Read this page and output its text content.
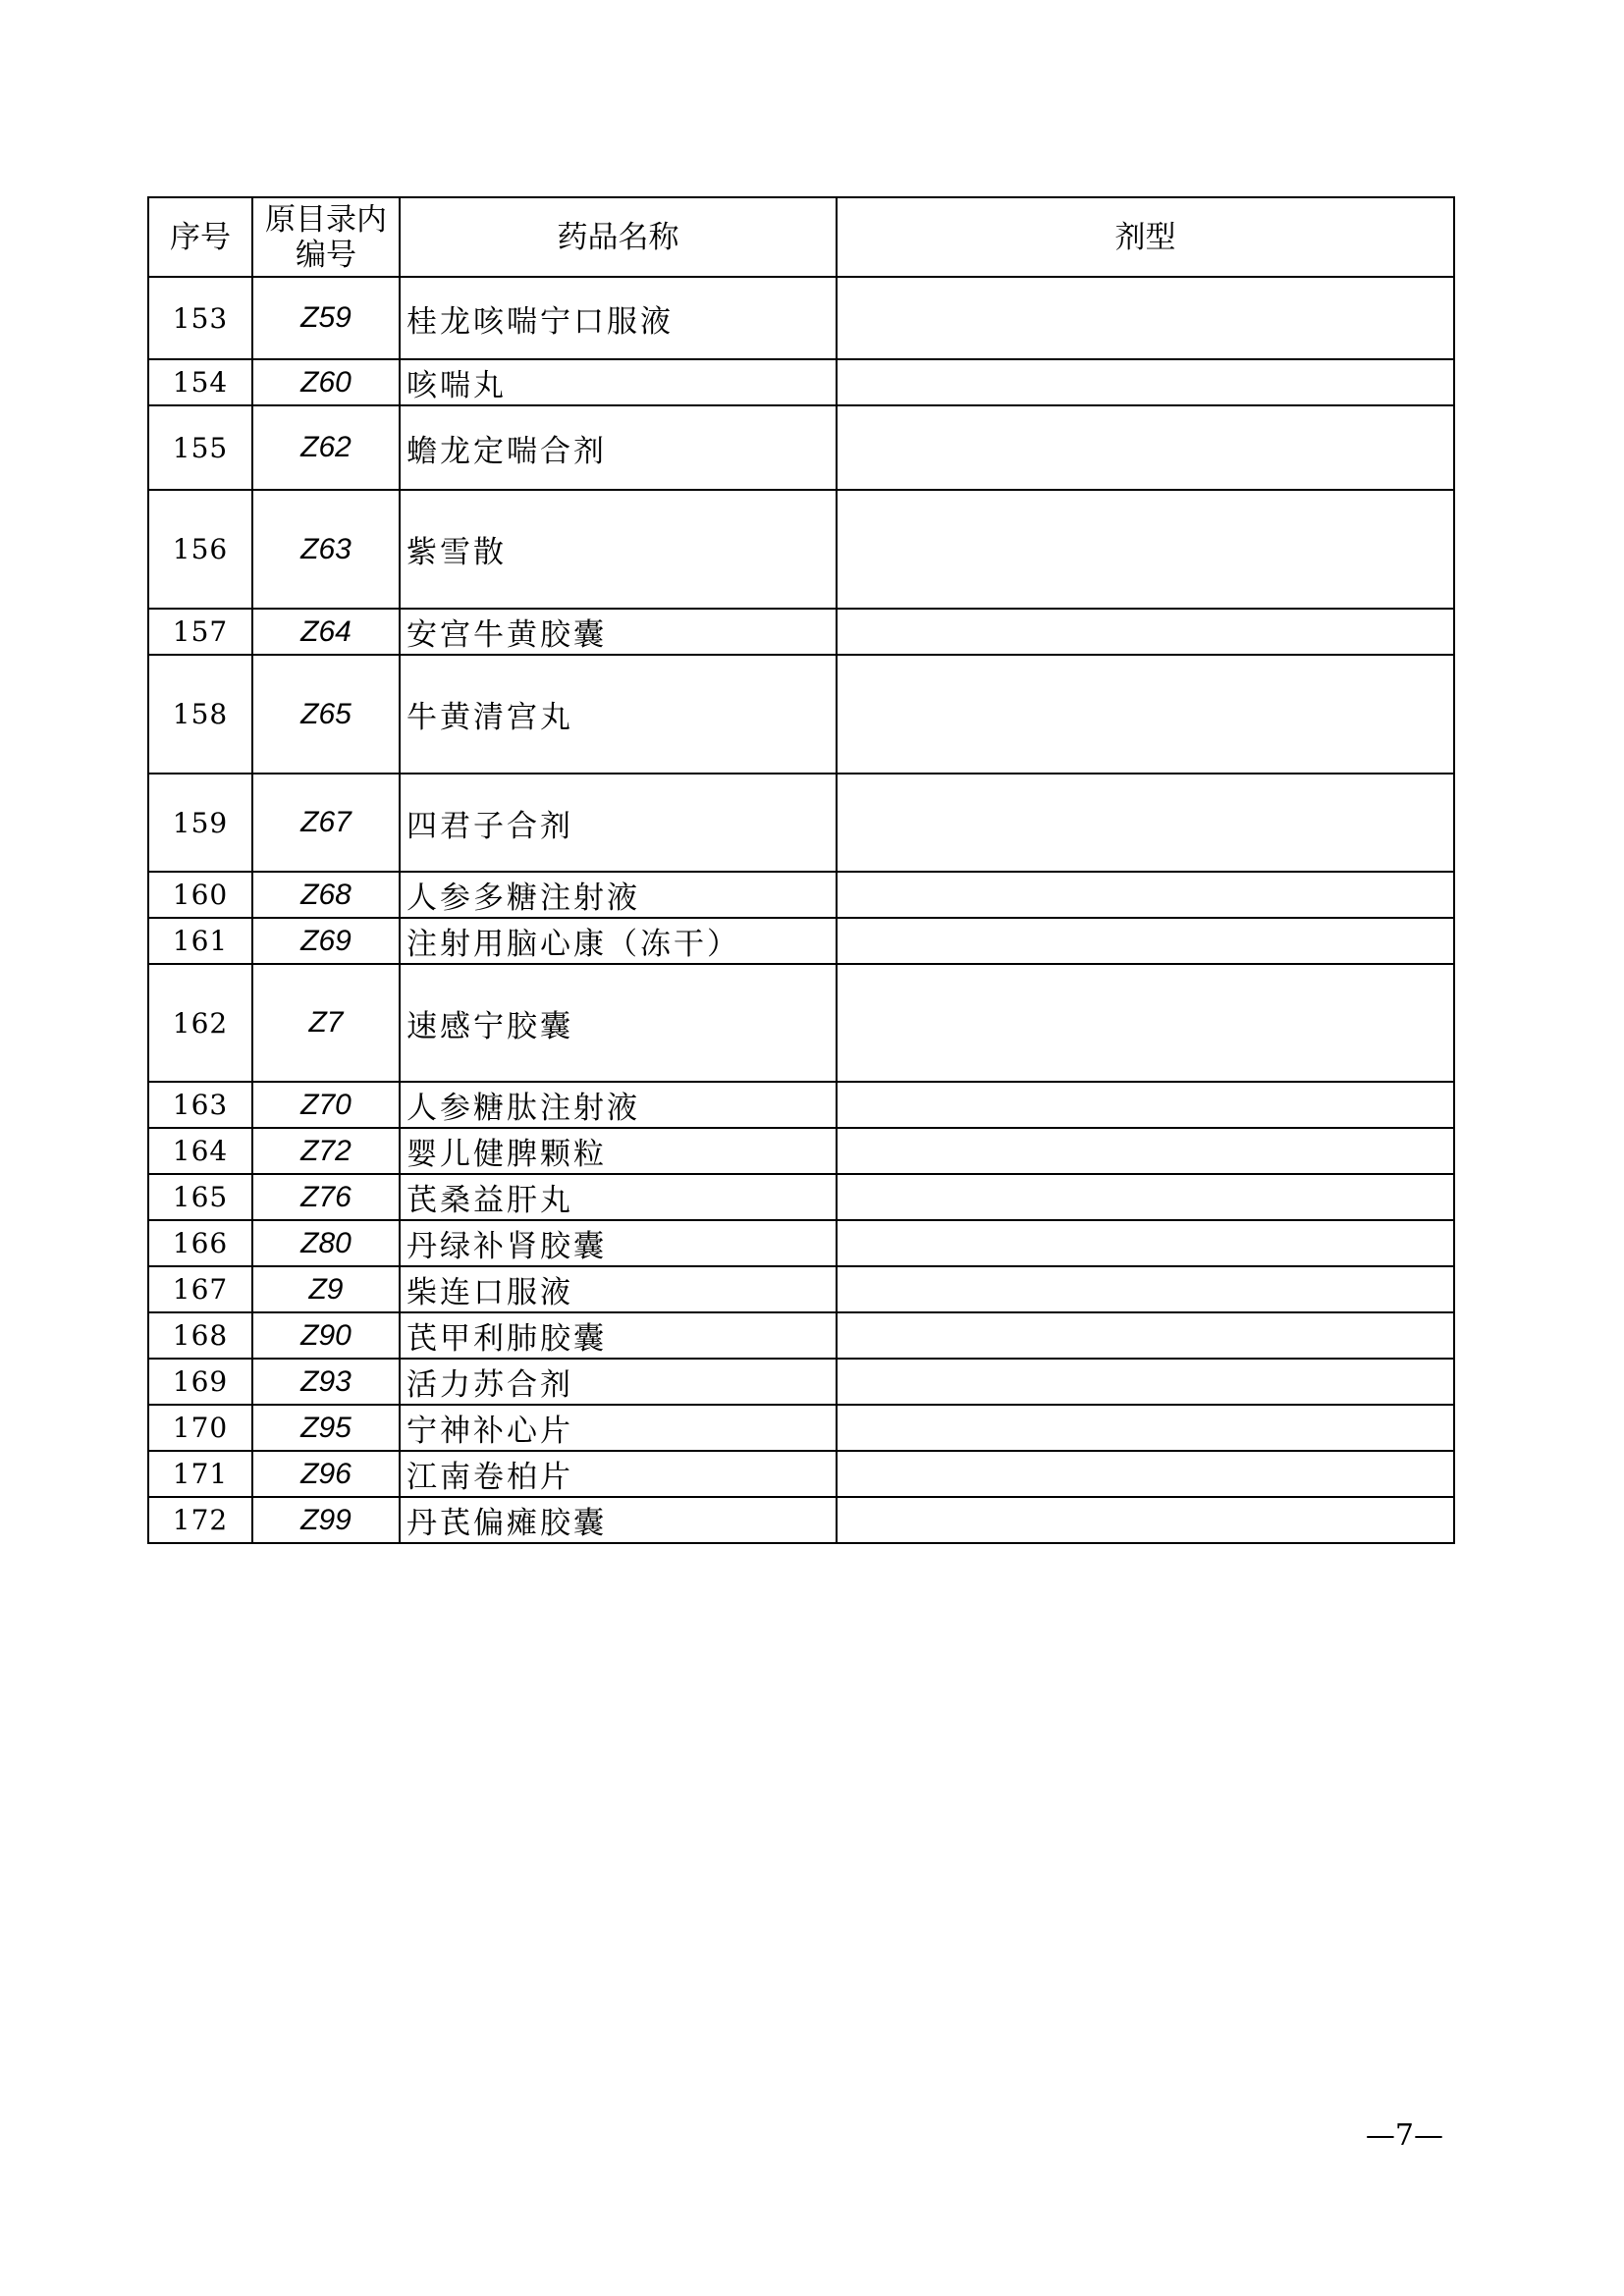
序号	原目录内编号	药品名称	剂型
153	Z59	桂龙咳喘宁口服液	
154	Z60	咳喘丸	
155	Z62	蟾龙定喘合剂	
156	Z63	紫雪散	
157	Z64	安宫牛黄胶囊	
158	Z65	牛黄清宫丸	
159	Z67	四君子合剂	
160	Z68	人参多糖注射液	
161	Z69	注射用脑心康（冻干）	
162	Z7	速感宁胶囊	
163	Z70	人参糖肽注射液	
164	Z72	婴儿健脾颗粒	
165	Z76	芪桑益肝丸	
166	Z80	丹绿补肾胶囊	
167	Z9	柴连口服液	
168	Z90	芪甲利肺胶囊	
169	Z93	活力苏合剂	
170	Z95	宁神补心片	
171	Z96	江南卷柏片	
172	Z99	丹芪偏瘫胶囊	
—7—
